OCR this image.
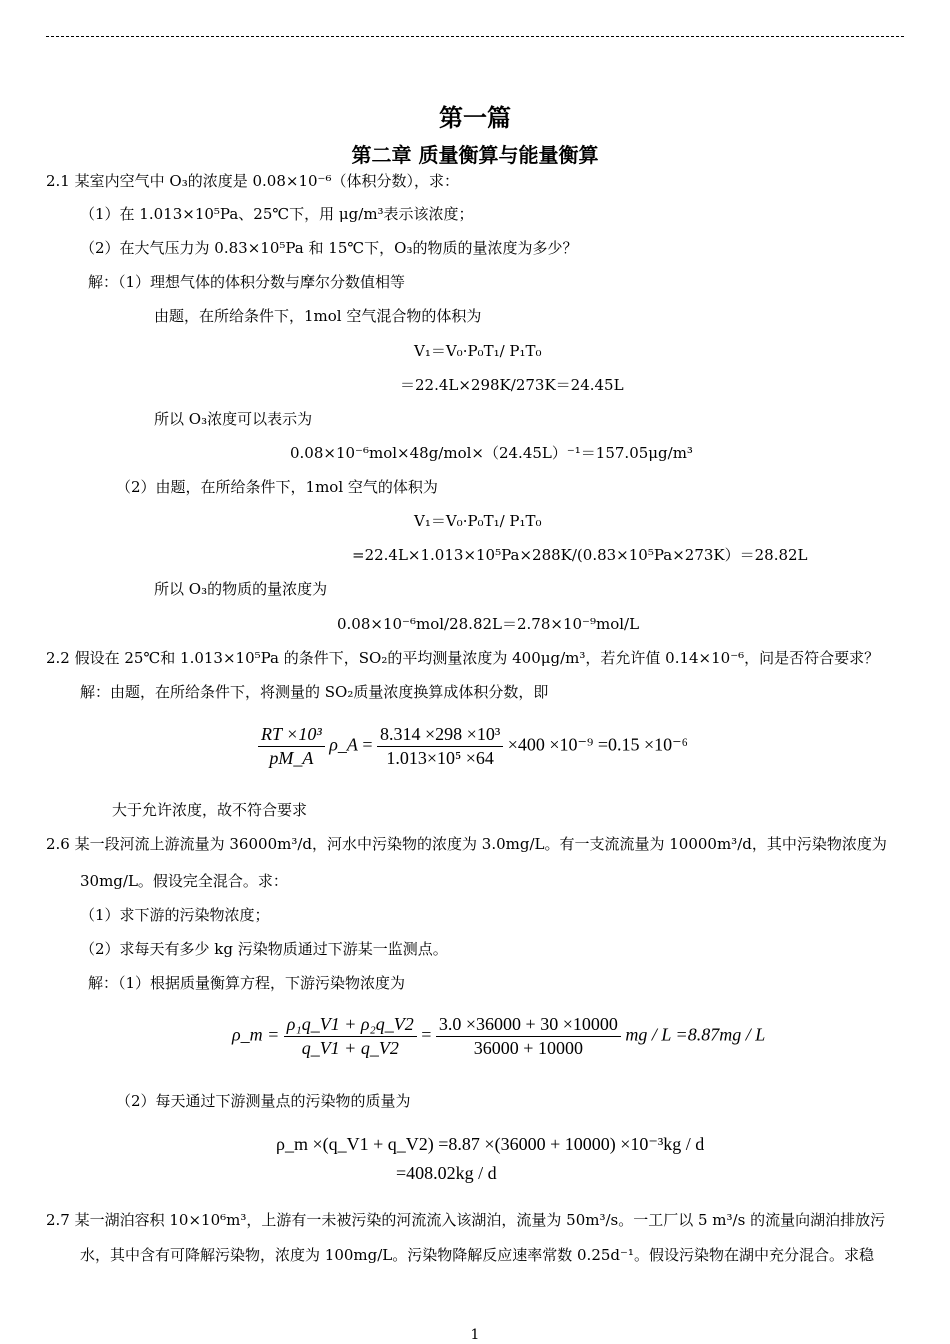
第一篇
第二章 质量衡算与能量衡算
2.1 某室内空气中 O₃的浓度是 0.08×10⁻⁶（体积分数），求：
（1）在 1.013×10⁵Pa、25℃下，用 μg/m³表示该浓度；
（2）在大气压力为 0.83×10⁵Pa 和 15℃下，O₃的物质的量浓度为多少？
解：（1）理想气体的体积分数与摩尔分数值相等
由题，在所给条件下，1mol 空气混合物的体积为
V₁＝V₀·P₀T₁/ P₁T₀
＝22.4L×298K/273K＝24.45L
所以 O₃浓度可以表示为
0.08×10⁻⁶mol×48g/mol×（24.45L）⁻¹＝157.05μg/m³
（2）由题，在所给条件下，1mol 空气的体积为
V₁＝V₀·P₀T₁/ P₁T₀
=22.4L×1.013×10⁵Pa×288K/(0.83×10⁵Pa×273K）＝28.82L
所以 O₃的物质的量浓度为
0.08×10⁻⁶mol/28.82L＝2.78×10⁻⁹mol/L
2.2 假设在 25℃和 1.013×10⁵Pa 的条件下，SO₂的平均测量浓度为 400μg/m³，若允许值 0.14×10⁻⁶，问是否符合要求？
解：由题，在所给条件下，将测量的 SO₂质量浓度换算成体积分数，即
$\frac{\text{RT ×10³}}{pM\_A}$ ρ_A = $\frac{\text{8.314 ×298 ×10³}}{\text{1.013×10⁵ ×64}} \times 400 \times 10^{-9} =0.15 \times 10^{-6}$
大于允许浓度，故不符合要求
2.6 某一段河流上游流量为 36000m³/d，河水中污染物的浓度为 3.0mg/L。有一支流流量为 10000m³/d，其中污染物浓度为
30mg/L。假设完全混合。求：
（1）求下游的污染物浓度；
（2）求每天有多少 kg 污染物质通过下游某一监测点。
解：（1）根据质量衡算方程，下游污染物浓度为
ρ_m = $\frac{\text{ρ₁q\_V1 + ρ₂q\_V2}}{q\_V1 + q\_V2} = \frac{3.0 \times 36000 + 30 \times 10000}{36000 + 10000}$ mg / L =8.87mg / L
（2）每天通过下游测量点的污染物的质量为
ρ_m ×(q_V1 + q_V2) =8.87 ×(36000 + 10000) ×10⁻³kg / d
=408.02kg / d
2.7 某一湖泊容积 10×10⁶m³，上游有一未被污染的河流流入该湖泊，流量为 50m³/s。一工厂以 5 m³/s 的流量向湖泊排放污
水，其中含有可降解污染物，浓度为 100mg/L。污染物降解反应速率常数 0.25d⁻¹。假设污染物在湖中充分混合。求稳
1
